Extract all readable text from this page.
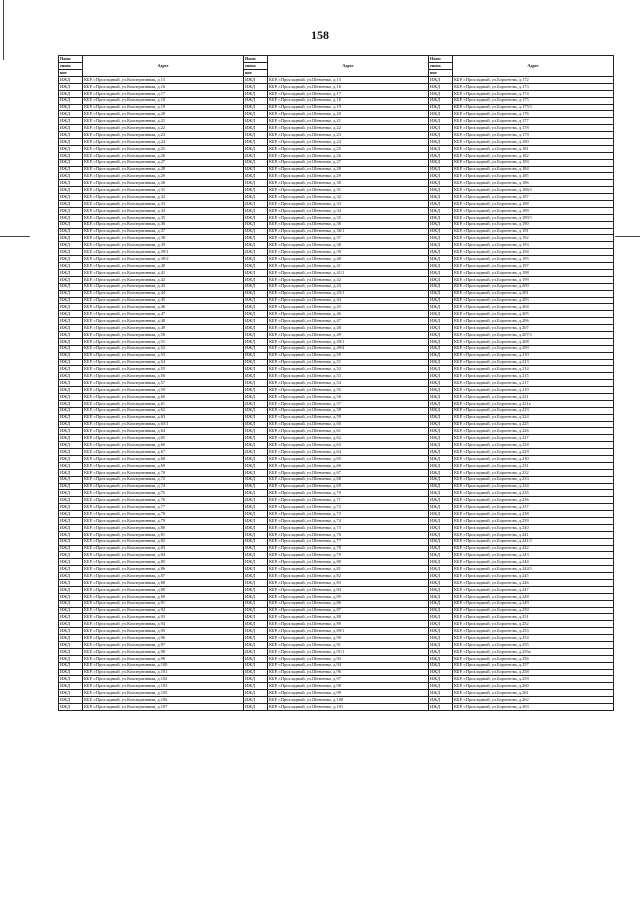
158
Наим	Адрес	Наим	Адрес	Наим	Адрес
енова		енова		енова	
ние		ние		ние	
ИЖД	КБР, г.Прохладный, ул.Кооперативная, д.15	ИЖД	КБР, г.Прохладный, ул.Шевченко, д.15	ИЖД	КБР, г.Прохладный, ул.Боронтова, д.172
ИЖД	КБР, г.Прохладный, ул.Кооперативная, д.16	ИЖД	КБР, г.Прохладный, ул.Шевченко, д.16	ИЖД	КБР, г.Прохладный, ул.Боронтова, д.173
ИЖД	КБР, г.Прохладный, ул.Кооперативная, д.17	ИЖД	КБР, г.Прохладный, ул.Шевченко, д.17	ИЖД	КБР, г.Прохладный, ул.Боронтова, д.174
ИЖД	КБР, г.Прохладный, ул.Кооперативная, д.18	ИЖД	КБР, г.Прохладный, ул.Шевченко, д.18	ИЖД	КБР, г.Прохладный, ул.Боронтова, д.175
ИЖД	КБР, г.Прохладный, ул.Кооперативная, д.19	ИЖД	КБР, г.Прохладный, ул.Шевченко, д.19	ИЖД	КБР, г.Прохладный, ул.Боронтова, д.175/1
ИЖД	КБР, г.Прохладный, ул.Кооперативная, д.20	ИЖД	КБР, г.Прохладный, ул.Шевченко, д.20	ИЖД	КБР, г.Прохладный, ул.Боронтова, д.176
ИЖД	КБР, г.Прохладный, ул.Кооперативная, д.21	ИЖД	КБР, г.Прохладный, ул.Шевченко, д.21	ИЖД	КБР, г.Прохладный, ул.Боронтова, д.177
ИЖД	КБР, г.Прохладный, ул.Кооперативная, д.22	ИЖД	КБР, г.Прохладный, ул.Шевченко, д.22	ИЖД	КБР, г.Прохладный, ул.Боронтова, д.178
ИЖД	КБР, г.Прохладный, ул.Кооперативная, д.23	ИЖД	КБР, г.Прохладный, ул.Шевченко, д.23	ИЖД	КБР, г.Прохладный, ул.Боронтова, д.179
ИЖД	КБР, г.Прохладный, ул.Кооперативная, д.24	ИЖД	КБР, г.Прохладный, ул.Шевченко, д.24	ИЖД	КБР, г.Прохладный, ул.Боронтова, д.180
ИЖД	КБР, г.Прохладный, ул.Кооперативная, д.25	ИЖД	КБР, г.Прохладный, ул.Шевченко, д.25	ИЖД	КБР, г.Прохладный, ул.Боронтова, д.181
ИЖД	КБР, г.Прохладный, ул.Кооперативная, д.26	ИЖД	КБР, г.Прохладный, ул.Шевченко, д.26	ИЖД	КБР, г.Прохладный, ул.Боронтова, д.182
ИЖД	КБР, г.Прохладный, ул.Кооперативная, д.27	ИЖД	КБР, г.Прохладный, ул.Шевченко, д.27	ИЖД	КБР, г.Прохладный, ул.Боронтова, д.183
ИЖД	КБР, г.Прохладный, ул.Кооперативная, д.28	ИЖД	КБР, г.Прохладный, ул.Шевченко, д.28	ИЖД	КБР, г.Прохладный, ул.Боронтова, д.184
ИЖД	КБР, г.Прохладный, ул.Кооперативная, д.29	ИЖД	КБР, г.Прохладный, ул.Шевченко, д.29	ИЖД	КБР, г.Прохладный, ул.Боронтова, д.185
ИЖД	КБР, г.Прохладный, ул.Кооперативная, д.30	ИЖД	КБР, г.Прохладный, ул.Шевченко, д.30	ИЖД	КБР, г.Прохладный, ул.Боронтова, д.186
ИЖД	КБР, г.Прохладный, ул.Кооперативная, д.31	ИЖД	КБР, г.Прохладный, ул.Шевченко, д.31	ИЖД	КБР, г.Прохладный, ул.Боронтова, д.186/1
ИЖД	КБР, г.Прохладный, ул.Кооперативная, д.32	ИЖД	КБР, г.Прохладный, ул.Шевченко, д.32	ИЖД	КБР, г.Прохладный, ул.Боронтова, д.187
ИЖД	КБР, г.Прохладный, ул.Кооперативная, д.33	ИЖД	КБР, г.Прохладный, ул.Шевченко, д.33	ИЖД	КБР, г.Прохладный, ул.Боронтова, д.188
ИЖД	КБР, г.Прохладный, ул.Кооперативная, д.34	ИЖД	КБР, г.Прохладный, ул.Шевченко, д.34	ИЖД	КБР, г.Прохладный, ул.Боронтова, д.189
ИЖД	КБР, г.Прохладный, ул.Кооперативная, д.35	ИЖД	КБР, г.Прохладный, ул.Шевченко, д.35	ИЖД	КБР, г.Прохладный, ул.Боронтова, д.189/1
ИЖД	КБР, г.Прохладный, ул.Кооперативная, д.36	ИЖД	КБР, г.Прохладный, ул.Шевченко, д.36	ИЖД	КБР, г.Прохладный, ул.Боронтова, д.190
ИЖД	КБР, г.Прохладный, ул.Кооперативная, д.37	ИЖД	КБР, г.Прохладный, ул.Шевченко, д.36/1	ИЖД	КБР, г.Прохладный, ул.Боронтова, д.191
ИЖД	КБР, г.Прохладный, ул.Кооперативная, д.38	ИЖД	КБР, г.Прохладный, ул.Шевченко, д.37	ИЖД	КБР, г.Прохладный, ул.Боронтова, д.192
ИЖД	КБР, г.Прохладный, ул.Кооперативная, д.39	ИЖД	КБР, г.Прохладный, ул.Шевченко, д.38	ИЖД	КБР, г.Прохладный, ул.Боронтова, д.193
ИЖД	КБР, г.Прохладный, ул.Кооперативная, д.39/1	ИЖД	КБР, г.Прохладный, ул.Шевченко, д.39	ИЖД	КБР, г.Прохладный, ул.Боронтова, д.194
ИЖД	КБР, г.Прохладный, ул.Кооперативная, д.39/2	ИЖД	КБР, г.Прохладный, ул.Шевченко, д.40	ИЖД	КБР, г.Прохладный, ул.Боронтова, д.195
ИЖД	КБР, г.Прохладный, ул.Кооперативная, д.40	ИЖД	КБР, г.Прохладный, ул.Шевченко, д.41	ИЖД	КБР, г.Прохладный, ул.Боронтова, д.197
ИЖД	КБР, г.Прохладный, ул.Кооперативная, д.41	ИЖД	КБР, г.Прохладный, ул.Шевченко, д.41/1	ИЖД	КБР, г.Прохладный, ул.Боронтова, д.198
ИЖД	КБР, г.Прохладный, ул.Кооперативная, д.42	ИЖД	КБР, г.Прохладный, ул.Шевченко, д.42	ИЖД	КБР, г.Прохладный, ул.Боронтова, д.199
ИЖД	КБР, г.Прохладный, ул.Кооперативная, д.43	ИЖД	КБР, г.Прохладный, ул.Шевченко, д.43	ИЖД	КБР, г.Прохладный, ул.Боронтова, д.200
ИЖД	КБР, г.Прохладный, ул.Кооперативная, д.44	ИЖД	КБР, г.Прохладный, ул.Шевченко, д.43/1	ИЖД	КБР, г.Прохладный, ул.Боронтова, д.201
ИЖД	КБР, г.Прохладный, ул.Кооперативная, д.45	ИЖД	КБР, г.Прохладный, ул.Шевченко, д.44	ИЖД	КБР, г.Прохладный, ул.Боронтова, д.203
ИЖД	КБР, г.Прохладный, ул.Кооперативная, д.46	ИЖД	КБР, г.Прохладный, ул.Шевченко, д.45	ИЖД	КБР, г.Прохладный, ул.Боронтова, д.204
ИЖД	КБР, г.Прохладный, ул.Кооперативная, д.47	ИЖД	КБР, г.Прохладный, ул.Шевченко, д.46	ИЖД	КБР, г.Прохладный, ул.Боронтова, д.205
ИЖД	КБР, г.Прохладный, ул.Кооперативная, д.48	ИЖД	КБР, г.Прохладный, ул.Шевченко, д.47	ИЖД	КБР, г.Прохладный, ул.Боронтова, д.206
ИЖД	КБР, г.Прохладный, ул.Кооперативная, д.49	ИЖД	КБР, г.Прохладный, ул.Шевченко, д.48	ИЖД	КБР, г.Прохладный, ул.Боронтова, д.207
ИЖД	КБР, г.Прохладный, ул.Кооперативная, д.50	ИЖД	КБР, г.Прохладный, ул.Шевченко, д.49	ИЖД	КБР, г.Прохладный, ул.Боронтова, д.207/1
ИЖД	КБР, г.Прохладный, ул.Кооперативная, д.51	ИЖД	КБР, г.Прохладный, ул.Шевченко, д.49/1	ИЖД	КБР, г.Прохладный, ул.Боронтова, д.208
ИЖД	КБР, г.Прохладный, ул.Кооперативная, д.52	ИЖД	КБР, г.Прохладный, ул.Шевченко, д.49/4	ИЖД	КБР, г.Прохладный, ул.Боронтова, д.209
ИЖД	КБР, г.Прохладный, ул.Кооперативная, д.53	ИЖД	КБР, г.Прохладный, ул.Шевченко, д.50	ИЖД	КБР, г.Прохладный, ул.Боронтова, д.210
ИЖД	КБР, г.Прохладный, ул.Кооперативная, д.54	ИЖД	КБР, г.Прохладный, ул.Шевченко, д.51	ИЖД	КБР, г.Прохладный, ул.Боронтова, д.213
ИЖД	КБР, г.Прохладный, ул.Кооперативная, д.55	ИЖД	КБР, г.Прохладный, ул.Шевченко, д.52	ИЖД	КБР, г.Прохладный, ул.Боронтова, д.214
ИЖД	КБР, г.Прохладный, ул.Кооперативная, д.56	ИЖД	КБР, г.Прохладный, ул.Шевченко, д.53	ИЖД	КБР, г.Прохладный, ул.Боронтова, д.215
ИЖД	КБР, г.Прохладный, ул.Кооперативная, д.57	ИЖД	КБР, г.Прохладный, ул.Шевченко, д.54	ИЖД	КБР, г.Прохладный, ул.Боронтова, д.217
ИЖД	КБР, г.Прохладный, ул.Кооперативная, д.59	ИЖД	КБР, г.Прохладный, ул.Шевченко, д.55	ИЖД	КБР, г.Прохладный, ул.Боронтова, д.219
ИЖД	КБР, г.Прохладный, ул.Кооперативная, д.60	ИЖД	КБР, г.Прохладный, ул.Шевченко, д.56	ИЖД	КБР, г.Прохладный, ул.Боронтова, д.221
ИЖД	КБР, г.Прохладный, ул.Кооперативная, д.61	ИЖД	КБР, г.Прохладный, ул.Шевченко, д.57	ИЖД	КБР, г.Прохладный, ул.Боронтова, д.221а
ИЖД	КБР, г.Прохладный, ул.Кооперативная, д.62	ИЖД	КБР, г.Прохладный, ул.Шевченко, д.58	ИЖД	КБР, г.Прохладный, ул.Боронтова, д.223
ИЖД	КБР, г.Прохладный, ул.Кооперативная, д.63	ИЖД	КБР, г.Прохладный, ул.Шевченко, д.59	ИЖД	КБР, г.Прохладный, ул.Боронтова, д.224
ИЖД	КБР, г.Прохладный, ул.Кооперативная, д.63/1	ИЖД	КБР, г.Прохладный, ул.Шевченко, д.60	ИЖД	КБР, г.Прохладный, ул.Боронтова, д.225
ИЖД	КБР, г.Прохладный, ул.Кооперативная, д.64	ИЖД	КБР, г.Прохладный, ул.Шевченко, д.61	ИЖД	КБР, г.Прохладный, ул.Боронтова, д.226
ИЖД	КБР, г.Прохладный, ул.Кооперативная, д.65	ИЖД	КБР, г.Прохладный, ул.Шевченко, д.62	ИЖД	КБР, г.Прохладный, ул.Боронтова, д.227
ИЖД	КБР, г.Прохладный, ул.Кооперативная, д.66	ИЖД	КБР, г.Прохладный, ул.Шевченко, д.63	ИЖД	КБР, г.Прохладный, ул.Боронтова, д.228
ИЖД	КБР, г.Прохладный, ул.Кооперативная, д.67	ИЖД	КБР, г.Прохладный, ул.Шевченко, д.64	ИЖД	КБР, г.Прохладный, ул.Боронтова, д.229
ИЖД	КБР, г.Прохладный, ул.Кооперативная, д.68	ИЖД	КБР, г.Прохладный, ул.Шевченко, д.65	ИЖД	КБР, г.Прохладный, ул.Боронтова, д.230
ИЖД	КБР, г.Прохладный, ул.Кооперативная, д.69	ИЖД	КБР, г.Прохладный, ул.Шевченко, д.66	ИЖД	КБР, г.Прохладный, ул.Боронтова, д.231
ИЖД	КБР, г.Прохладный, ул.Кооперативная, д.70	ИЖД	КБР, г.Прохладный, ул.Шевченко, д.67	ИЖД	КБР, г.Прохладный, ул.Боронтова, д.232
ИЖД	КБР, г.Прохладный, ул.Кооперативная, д.72	ИЖД	КБР, г.Прохладный, ул.Шевченко, д.68	ИЖД	КБР, г.Прохладный, ул.Боронтова, д.233
ИЖД	КБР, г.Прохладный, ул.Кооперативная, д.74	ИЖД	КБР, г.Прохладный, ул.Шевченко, д.69	ИЖД	КБР, г.Прохладный, ул.Боронтова, д.234
ИЖД	КБР, г.Прохладный, ул.Кооперативная, д.75	ИЖД	КБР, г.Прохладный, ул.Шевченко, д.70	ИЖД	КБР, г.Прохладный, ул.Боронтова, д.235
ИЖД	КБР, г.Прохладный, ул.Кооперативная, д.76	ИЖД	КБР, г.Прохладный, ул.Шевченко, д.71	ИЖД	КБР, г.Прохладный, ул.Боронтова, д.236
ИЖД	КБР, г.Прохладный, ул.Кооперативная, д.77	ИЖД	КБР, г.Прохладный, ул.Шевченко, д.72	ИЖД	КБР, г.Прохладный, ул.Боронтова, д.237
ИЖД	КБР, г.Прохладный, ул.Кооперативная, д.78	ИЖД	КБР, г.Прохладный, ул.Шевченко, д.73	ИЖД	КБР, г.Прохладный, ул.Боронтова, д.238
ИЖД	КБР, г.Прохладный, ул.Кооперативная, д.79	ИЖД	КБР, г.Прохладный, ул.Шевченко, д.74	ИЖД	КБР, г.Прохладный, ул.Боронтова, д.239
ИЖД	КБР, г.Прохладный, ул.Кооперативная, д.80	ИЖД	КБР, г.Прохладный, ул.Шевченко, д.75	ИЖД	КБР, г.Прохладный, ул.Боронтова, д.240
ИЖД	КБР, г.Прохладный, ул.Кооперативная, д.81	ИЖД	КБР, г.Прохладный, ул.Шевченко, д.76	ИЖД	КБР, г.Прохладный, ул.Боронтова, д.241
ИЖД	КБР, г.Прохладный, ул.Кооперативная, д.82	ИЖД	КБР, г.Прохладный, ул.Шевченко, д.77	ИЖД	КБР, г.Прохладный, ул.Боронтова, д.241/1
ИЖД	КБР, г.Прохладный, ул.Кооперативная, д.83	ИЖД	КБР, г.Прохладный, ул.Шевченко, д.78	ИЖД	КБР, г.Прохладный, ул.Боронтова, д.242
ИЖД	КБР, г.Прохладный, ул.Кооперативная, д.84	ИЖД	КБР, г.Прохладный, ул.Шевченко, д.79	ИЖД	КБР, г.Прохладный, ул.Боронтова, д.243
ИЖД	КБР, г.Прохладный, ул.Кооперативная, д.85	ИЖД	КБР, г.Прохладный, ул.Шевченко, д.80	ИЖД	КБР, г.Прохладный, ул.Боронтова, д.244
ИЖД	КБР, г.Прохладный, ул.Кооперативная, д.86	ИЖД	КБР, г.Прохладный, ул.Шевченко, д.81	ИЖД	КБР, г.Прохладный, ул.Боронтова, д.244/1
ИЖД	КБР, г.Прохладный, ул.Кооперативная, д.87	ИЖД	КБР, г.Прохладный, ул.Шевченко, д.82	ИЖД	КБР, г.Прохладный, ул.Боронтова, д.245
ИЖД	КБР, г.Прохладный, ул.Кооперативная, д.88	ИЖД	КБР, г.Прохладный, ул.Шевченко, д.83	ИЖД	КБР, г.Прохладный, ул.Боронтова, д.246
ИЖД	КБР, г.Прохладный, ул.Кооперативная, д.89	ИЖД	КБР, г.Прохладный, ул.Шевченко, д.84	ИЖД	КБР, г.Прохладный, ул.Боронтова, д.247
ИЖД	КБР, г.Прохладный, ул.Кооперативная, д.90	ИЖД	КБР, г.Прохладный, ул.Шевченко, д.85	ИЖД	КБР, г.Прохладный, ул.Боронтова, д.248
ИЖД	КБР, г.Прохладный, ул.Кооперативная, д.91	ИЖД	КБР, г.Прохладный, ул.Шевченко, д.86	ИЖД	КБР, г.Прохладный, ул.Боронтова, д.249
ИЖД	КБР, г.Прохладный, ул.Кооперативная, д.92	ИЖД	КБР, г.Прохладный, ул.Шевченко, д.87	ИЖД	КБР, г.Прохладный, ул.Боронтова, д.250
ИЖД	КБР, г.Прохладный, ул.Кооперативная, д.93	ИЖД	КБР, г.Прохладный, ул.Шевченко, д.88	ИЖД	КБР, г.Прохладный, ул.Боронтова, д.251
ИЖД	КБР, г.Прохладный, ул.Кооперативная, д.94	ИЖД	КБР, г.Прохладный, ул.Шевченко, д.89	ИЖД	КБР, г.Прохладный, ул.Боронтова, д.252
ИЖД	КБР, г.Прохладный, ул.Кооперативная, д.95	ИЖД	КБР, г.Прохладный, ул.Шевченко, д.89/1	ИЖД	КБР, г.Прохладный, ул.Боронтова, д.253
ИЖД	КБР, г.Прохладный, ул.Кооперативная, д.96	ИЖД	КБР, г.Прохладный, ул.Шевченко, д.90	ИЖД	КБР, г.Прохладный, ул.Боронтова, д.254
ИЖД	КБР, г.Прохладный, ул.Кооперативная, д.97	ИЖД	КБР, г.Прохладный, ул.Шевченко, д.91	ИЖД	КБР, г.Прохладный, ул.Боронтова, д.255
ИЖД	КБР, г.Прохладный, ул.Кооперативная, д.98	ИЖД	КБР, г.Прохладный, ул.Шевченко, д.91/1	ИЖД	КБР, г.Прохладный, ул.Боронтова, д.255а
ИЖД	КБР, г.Прохладный, ул.Кооперативная, д.99	ИЖД	КБР, г.Прохладный, ул.Шевченко, д.92	ИЖД	КБР, г.Прохладный, ул.Боронтова, д.256
ИЖД	КБР, г.Прохладный, ул.Кооперативная, д.100	ИЖД	КБР, г.Прохладный, ул.Шевченко, д.94	ИЖД	КБР, г.Прохладный, ул.Боронтова, д.257
ИЖД	КБР, г.Прохладный, ул.Кооперативная, д.101	ИЖД	КБР, г.Прохладный, ул.Шевченко, д.96	ИЖД	КБР, г.Прохладный, ул.Боронтова, д.258
ИЖД	КБР, г.Прохладный, ул.Кооперативная, д.102	ИЖД	КБР, г.Прохладный, ул.Шевченко, д.97	ИЖД	КБР, г.Прохладный, ул.Боронтова, д.259
ИЖД	КБР, г.Прохладный, ул.Кооперативная, д.103	ИЖД	КБР, г.Прохладный, ул.Шевченко, д.98	ИЖД	КБР, г.Прохладный, ул.Боронтова, д.260
ИЖД	КБР, г.Прохладный, ул.Кооперативная, д.105	ИЖД	КБР, г.Прохладный, ул.Шевченко, д.99	ИЖД	КБР, г.Прохладный, ул.Боронтова, д.261
ИЖД	КБР, г.Прохладный, ул.Кооперативная, д.106	ИЖД	КБР, г.Прохладный, ул.Шевченко, д.100	ИЖД	КБР, г.Прохладный, ул.Боронтова, д.262
ИЖД	КБР, г.Прохладный, ул.Кооперативная, д.107	ИЖД	КБР, г.Прохладный, ул.Шевченко, д.101	ИЖД	КБР, г.Прохладный, ул.Боронтова, д.263
